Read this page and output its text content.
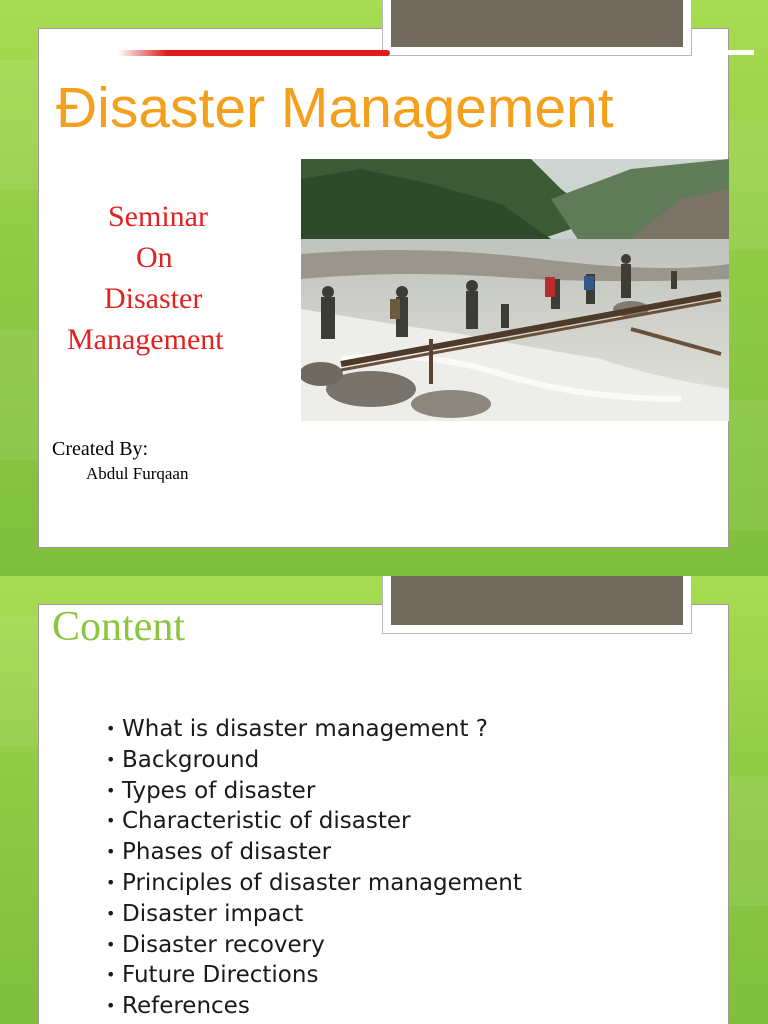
Đisaster Management
Seminar
On
Disaster
Management
Created By:
Abdul Furqaan
Content
• What is disaster management ?
• Background
• Types of disaster
• Characteristic of disaster
• Phases of disaster
• Principles of disaster management
• Disaster impact
• Disaster recovery
• Future Directions
• References
